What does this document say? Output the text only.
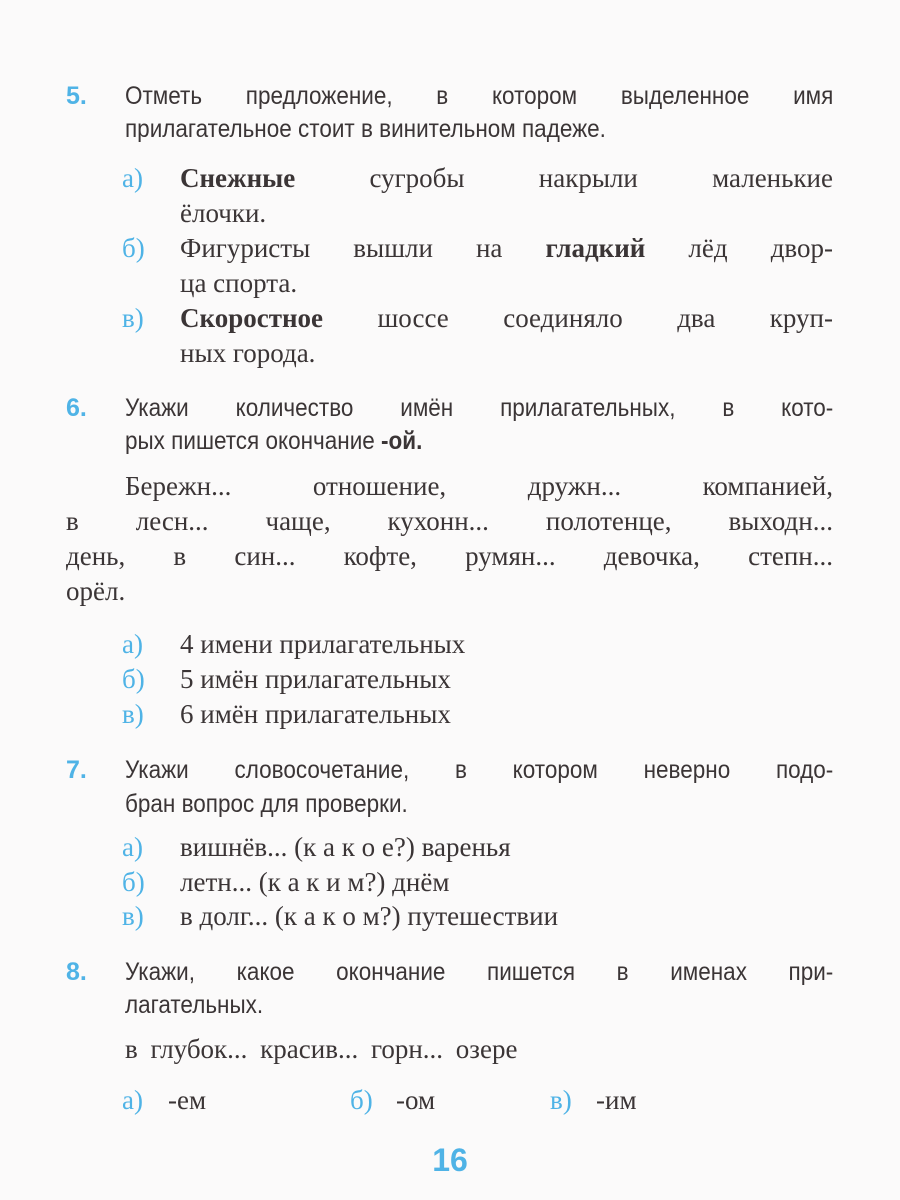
5. Отметь предложение, в котором выделенное имя
прилагательное стоит в винительном падеже.
а) Снежные сугробы накрыли маленькие
ёлочки.
б) Фигуристы вышли на гладкий лёд двор-
ца спорта.
в) Скоростное шоссе соединяло два круп-
ных города.
6. Укажи количество имён прилагательных, в кото-
рых пишется окончание -ой.
Бережн... отношение, дружн... компанией,
в лесн... чаще, кухонн... полотенце, выходн...
день, в син... кофте, румян... девочка, степн...
орёл.
а) 4 имени прилагательных
б) 5 имён прилагательных
в) 6 имён прилагательных
7. Укажи словосочетание, в котором неверно подо-
бран вопрос для проверки.
а) вишнёв... (к а к о е?) варенья
б) летн... (к а к и м?) днём
в) в долг... (к а к о м?) путешествии
8. Укажи, какое окончание пишется в именах при-
лагательных.
в глубок... красив... горн... озере
а) -ем	б) -ом	в) -им
16
